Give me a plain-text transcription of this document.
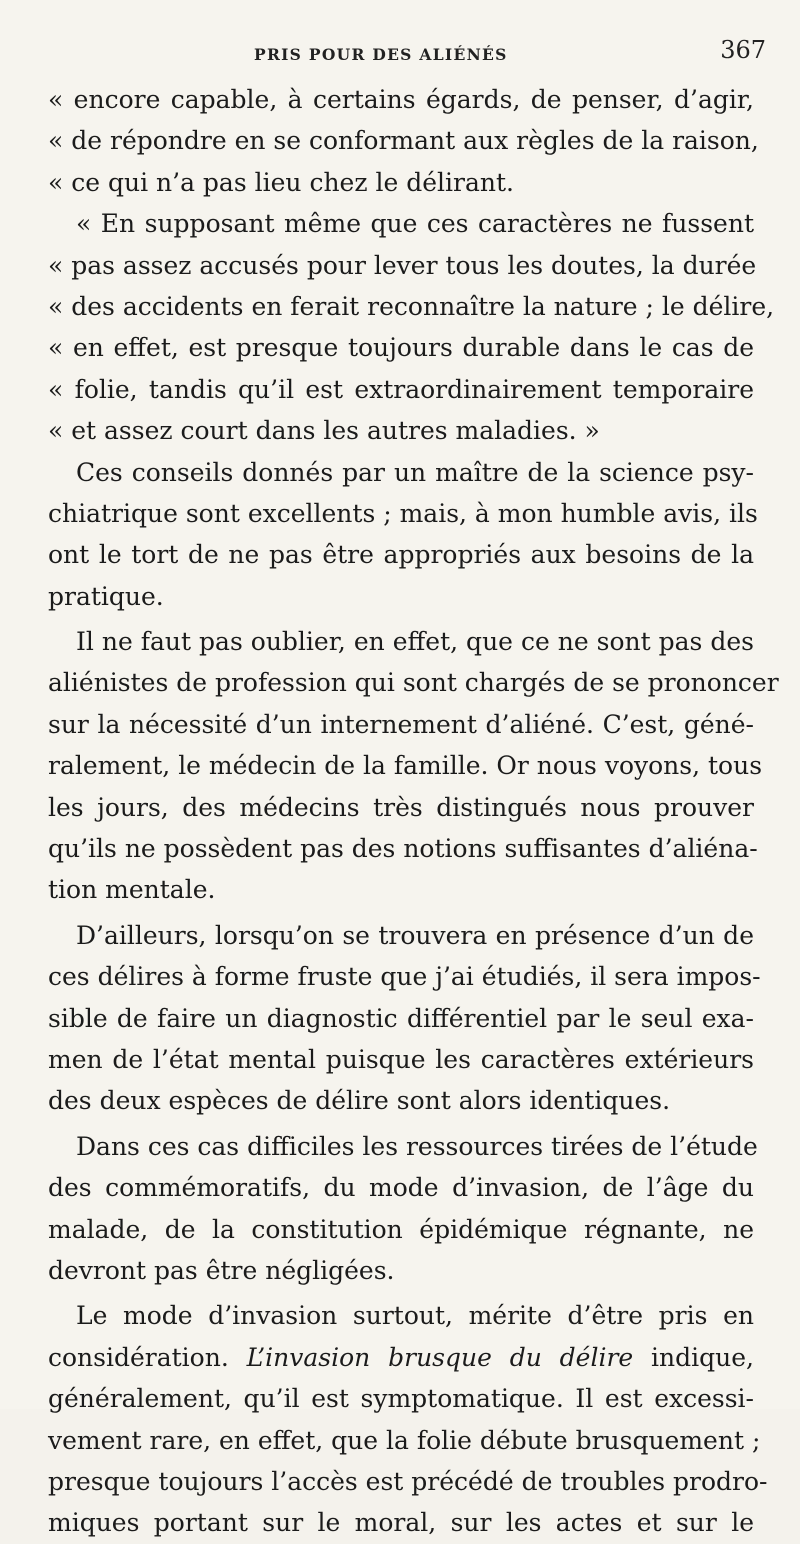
PRIS POUR DES ALIÉNÉS	367
« encore capable, à certains égards, de penser, d’agir,
« de répondre en se conformant aux règles de la raison,
« ce qui n’a pas lieu chez le délirant.
« En supposant même que ces caractères ne fussent
« pas assez accusés pour lever tous les doutes, la durée
« des accidents en ferait reconnaître la nature ; le délire,
« en effet, est presque toujours durable dans le cas de
« folie, tandis qu’il est extraordinairement temporaire
« et assez court dans les autres maladies. »
Ces conseils donnés par un maître de la science psy-
chiatrique sont excellents ; mais, à mon humble avis, ils
ont le tort de ne pas être appropriés aux besoins de la
pratique.
Il ne faut pas oublier, en effet, que ce ne sont pas des
aliénistes de profession qui sont chargés de se prononcer
sur la nécessité d’un internement d’aliéné. C’est, géné-
ralement, le médecin de la famille. Or nous voyons, tous
les jours, des médecins très distingués nous prouver
qu’ils ne possèdent pas des notions suffisantes d’aliéna-
tion mentale.
D’ailleurs, lorsqu’on se trouvera en présence d’un de
ces délires à forme fruste que j’ai étudiés, il sera impos-
sible de faire un diagnostic différentiel par le seul exa-
men de l’état mental puisque les caractères extérieurs
des deux espèces de délire sont alors identiques.
Dans ces cas difficiles les ressources tirées de l’étude
des commémoratifs, du mode d’invasion, de l’âge du
malade, de la constitution épidémique régnante, ne
devront pas être négligées.
Le mode d’invasion surtout, mérite d’être pris en
considération. L’invasion brusque du délire indique,
généralement, qu’il est symptomatique. Il est excessi-
vement rare, en effet, que la folie débute brusquement ;
presque toujours l’accès est précédé de troubles prodro-
miques portant sur le moral, sur les actes et sur le
